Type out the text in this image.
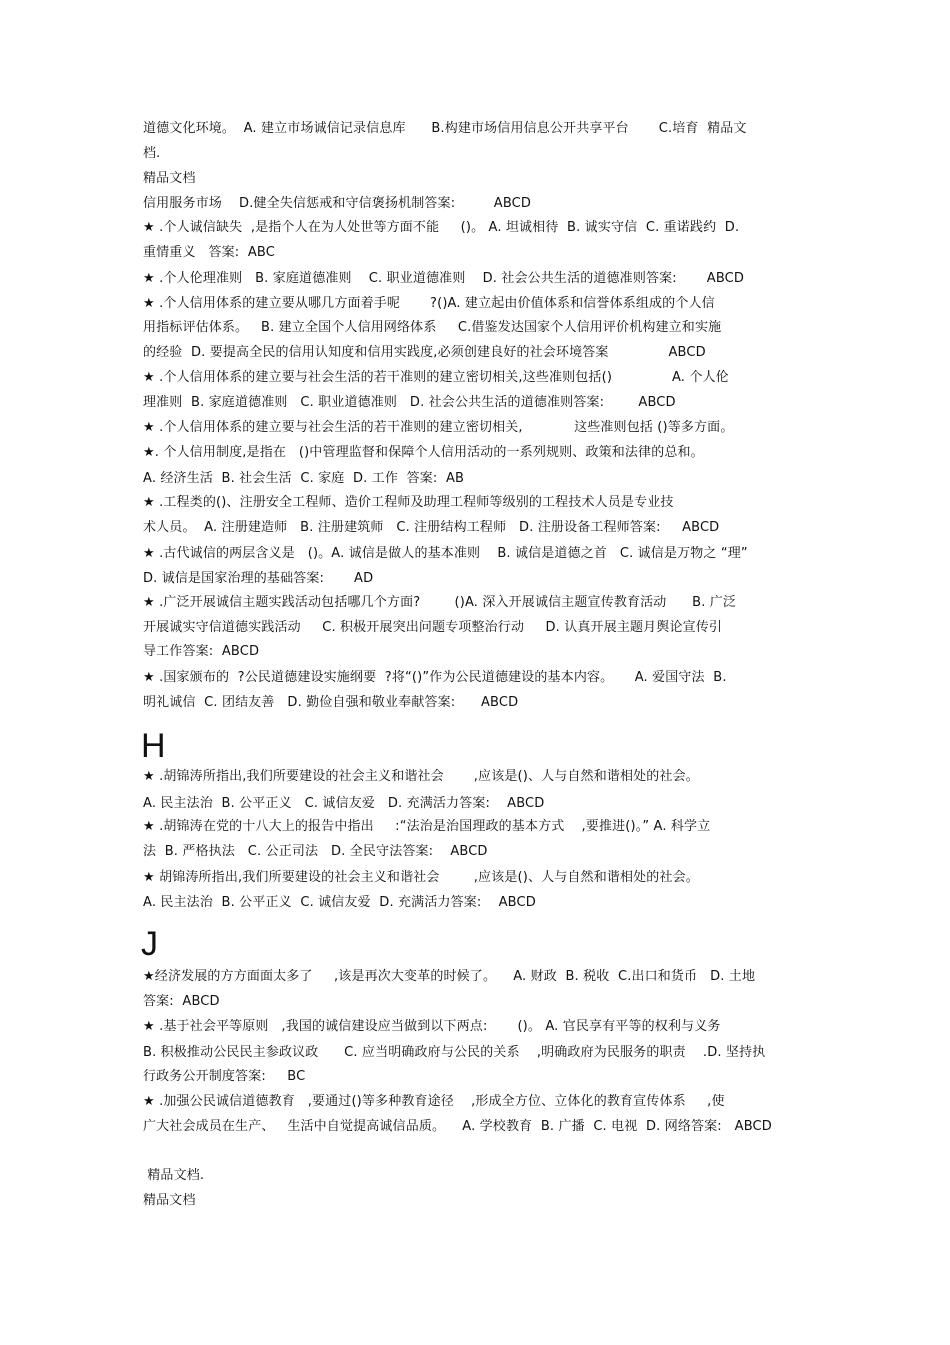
道德文化环境。  A. 建立市场诚信记录信息库      B.构建市场信用信息公开共享平台       C.培育  精品文
档.
精品文档
信用服务市场    D.健全失信惩戒和守信褒扬机制答案:         ABCD
★ .个人诚信缺失  ,是指个人在为人处世等方面不能     ()。 A. 坦诚相待  B. 诚实守信  C. 重诺践约  D.
重情重义   答案:  ABC
★ .个人伦理准则   B. 家庭道德准则    C. 职业道德准则    D. 社会公共生活的道德准则答案:       ABCD
★ .个人信用体系的建立要从哪几方面着手呢       ?()A. 建立起由价值体系和信誉体系组成的个人信
用指标评估体系。   B. 建立全国个人信用网络体系     C.借鉴发达国家个人信用评价机构建立和实施
的经验  D. 要提高全民的信用认知度和信用实践度,必须创建良好的社会环境答案              ABCD
★ .个人信用体系的建立要与社会生活的若干准则的建立密切相关,这些准则包括()              A. 个人伦
理准则  B. 家庭道德准则   C. 职业道德准则   D. 社会公共生活的道德准则答案:        ABCD
★ .个人信用体系的建立要与社会生活的若干准则的建立密切相关,            这些准则包括 ()等多方面。
★. 个人信用制度,是指在   ()中管理监督和保障个人信用活动的一系列规则、政策和法律的总和。
A. 经济生活  B. 社会生活  C. 家庭  D. 工作  答案:  AB
★ .工程类的()、注册安全工程师、造价工程师及助理工程师等级别的工程技术人员是专业技
术人员。  A. 注册建造师   B. 注册建筑师   C. 注册结构工程师   D. 注册设备工程师答案:     ABCD
★ .古代诚信的两层含义是   ()。A. 诚信是做人的基本准则    B. 诚信是道德之首   C. 诚信是万物之 “理”
D. 诚信是国家治理的基础答案:       AD
★ .广泛开展诚信主题实践活动包括哪几个方面?        ()A. 深入开展诚信主题宣传教育活动      B. 广泛
开展诚实守信道德实践活动     C. 积极开展突出问题专项整治行动     D. 认真开展主题月舆论宣传引
导工作答案:  ABCD
★ .国家颁布的  ?公民道德建设实施纲要  ?将“()”作为公民道德建设的基本内容。     A. 爱国守法  B.
明礼诚信  C. 团结友善   D. 勤俭自强和敬业奉献答案:      ABCD
H
★ .胡锦涛所指出,我们所要建设的社会主义和谐社会       ,应该是()、人与自然和谐相处的社会。
A. 民主法治  B. 公平正义   C. 诚信友爱   D. 充满活力答案:    ABCD
★ .胡锦涛在党的十八大上的报告中指出     :“法治是治国理政的基本方式    ,要推进()。” A. 科学立
法  B. 严格执法   C. 公正司法   D. 全民守法答案:    ABCD
★ 胡锦涛所指出,我们所要建设的社会主义和谐社会        ,应该是()、人与自然和谐相处的社会。
A. 民主法治  B. 公平正义  C. 诚信友爱  D. 充满活力答案:    ABCD
J
★经济发展的方方面面太多了     ,该是再次大变革的时候了。    A. 财政  B. 税收  C.出口和货币   D. 土地
答案:  ABCD
★ .基于社会平等原则   ,我国的诚信建设应当做到以下两点:       ()。 A. 官民享有平等的权利与义务
B. 积极推动公民民主参政议政      C. 应当明确政府与公民的关系    ,明确政府为民服务的职责    .D. 坚持执
行政务公开制度答案:     BC
★ .加强公民诚信道德教育   ,要通过()等多种教育途径    ,形成全方位、立体化的教育宣传体系     ,使
广大社会成员在生产、   生活中自觉提高诚信品质。    A. 学校教育  B. 广播  C. 电视  D. 网络答案:   ABCD
精品文档.
精品文档
